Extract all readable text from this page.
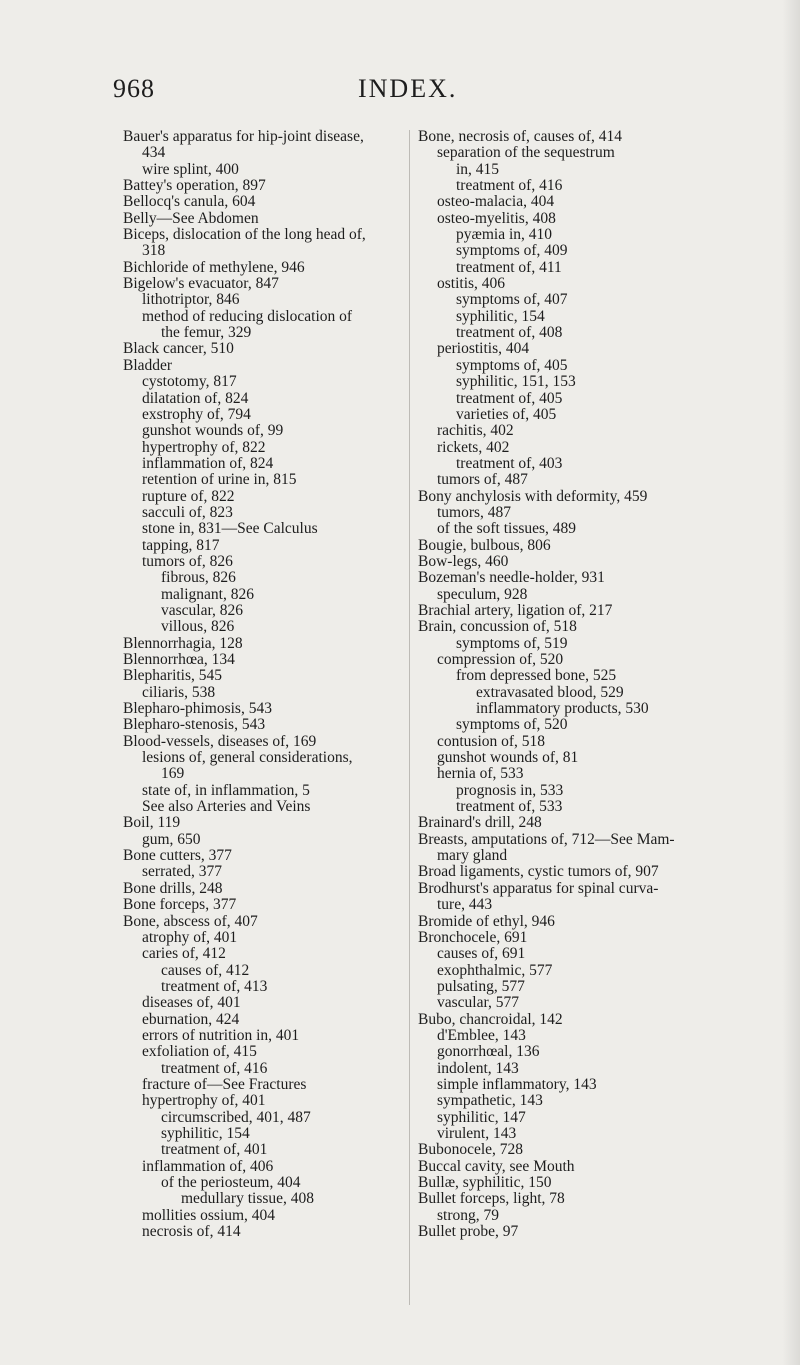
968	INDEX.
Bauer's apparatus for hip-joint disease,
434
wire splint, 400
Battey's operation, 897
Bellocq's canula, 604
Belly—See Abdomen
Biceps, dislocation of the long head of,
318
Bichloride of methylene, 946
Bigelow's evacuator, 847
lithotriptor, 846
method of reducing dislocation of
the femur, 329
Black cancer, 510
Bladder
cystotomy, 817
dilatation of, 824
exstrophy of, 794
gunshot wounds of, 99
hypertrophy of, 822
inflammation of, 824
retention of urine in, 815
rupture of, 822
sacculi of, 823
stone in, 831—See Calculus
tapping, 817
tumors of, 826
fibrous, 826
malignant, 826
vascular, 826
villous, 826
Blennorrhagia, 128
Blennorrhœa, 134
Blepharitis, 545
ciliaris, 538
Blepharo-phimosis, 543
Blepharo-stenosis, 543
Blood-vessels, diseases of, 169
lesions of, general considerations,
169
state of, in inflammation, 5
See also Arteries and Veins
Boil, 119
gum, 650
Bone cutters, 377
serrated, 377
Bone drills, 248
Bone forceps, 377
Bone, abscess of, 407
atrophy of, 401
caries of, 412
causes of, 412
treatment of, 413
diseases of, 401
eburnation, 424
errors of nutrition in, 401
exfoliation of, 415
treatment of, 416
fracture of—See Fractures
hypertrophy of, 401
circumscribed, 401, 487
syphilitic, 154
treatment of, 401
inflammation of, 406
of the periosteum, 404
medullary tissue, 408
mollities ossium, 404
necrosis of, 414
Bone, necrosis of, causes of, 414
separation of the sequestrum
in, 415
treatment of, 416
osteo-malacia, 404
osteo-myelitis, 408
pyæmia in, 410
symptoms of, 409
treatment of, 411
ostitis, 406
symptoms of, 407
syphilitic, 154
treatment of, 408
periostitis, 404
symptoms of, 405
syphilitic, 151, 153
treatment of, 405
varieties of, 405
rachitis, 402
rickets, 402
treatment of, 403
tumors of, 487
Bony anchylosis with deformity, 459
tumors, 487
of the soft tissues, 489
Bougie, bulbous, 806
Bow-legs, 460
Bozeman's needle-holder, 931
speculum, 928
Brachial artery, ligation of, 217
Brain, concussion of, 518
symptoms of, 519
compression of, 520
from depressed bone, 525
extravasated blood, 529
inflammatory products, 530
symptoms of, 520
contusion of, 518
gunshot wounds of, 81
hernia of, 533
prognosis in, 533
treatment of, 533
Brainard's drill, 248
Breasts, amputations of, 712—See Mam-
mary gland
Broad ligaments, cystic tumors of, 907
Brodhurst's apparatus for spinal curva-
ture, 443
Bromide of ethyl, 946
Bronchocele, 691
causes of, 691
exophthalmic, 577
pulsating, 577
vascular, 577
Bubo, chancroidal, 142
d'Emblee, 143
gonorrhœal, 136
indolent, 143
simple inflammatory, 143
sympathetic, 143
syphilitic, 147
virulent, 143
Bubonocele, 728
Buccal cavity, see Mouth
Bullæ, syphilitic, 150
Bullet forceps, light, 78
strong, 79
Bullet probe, 97
